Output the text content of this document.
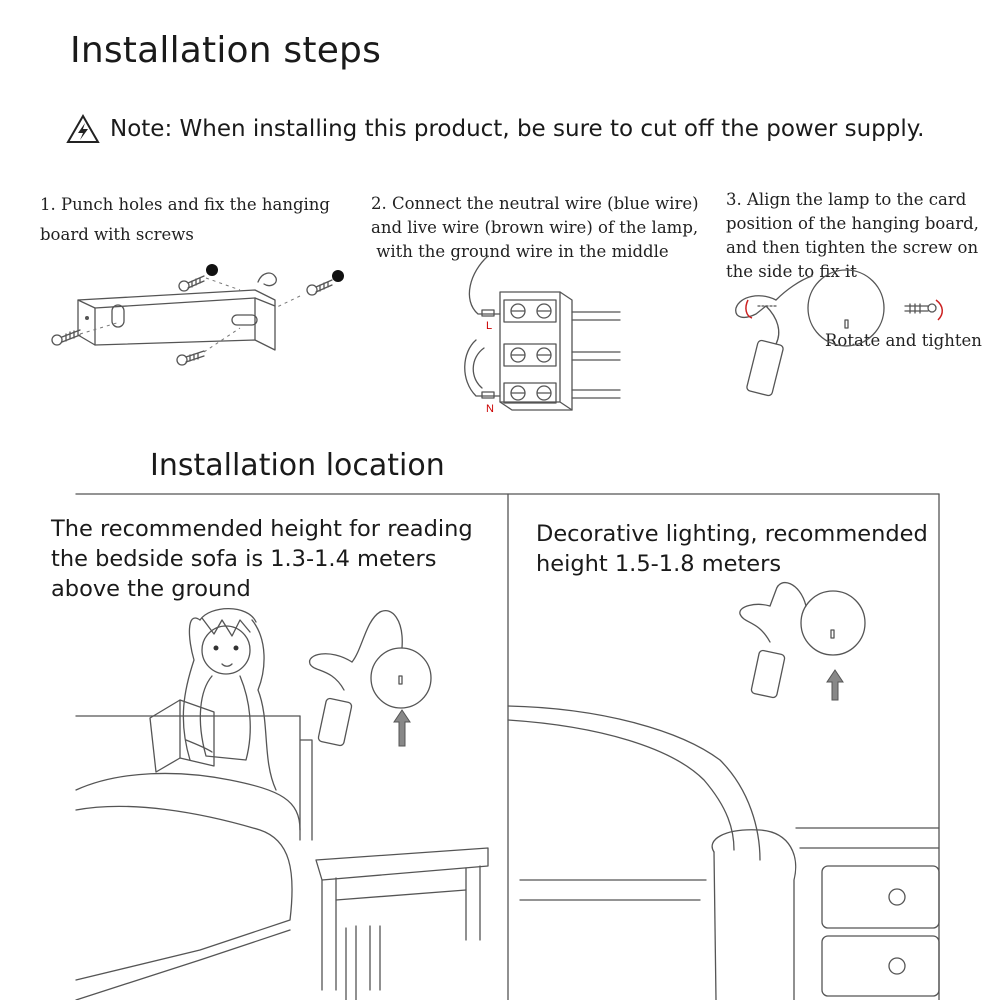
Installation steps
Note: When installing this product, be sure to cut off the power supply.
1. Punch holes and fix the hanging
board with screws
2. Connect the neutral wire (blue wire)
and live wire (brown wire) of the lamp,
with the ground wire in the middle
3. Align the lamp to the card
position of the hanging board,
and then tighten the screw on
the side to fix it
Rotate and tighten
Installation location
The recommended height for reading
the bedside sofa is 1.3-1.4 meters
above the ground
Decorative lighting, recommended
height 1.5-1.8 meters
L
N
